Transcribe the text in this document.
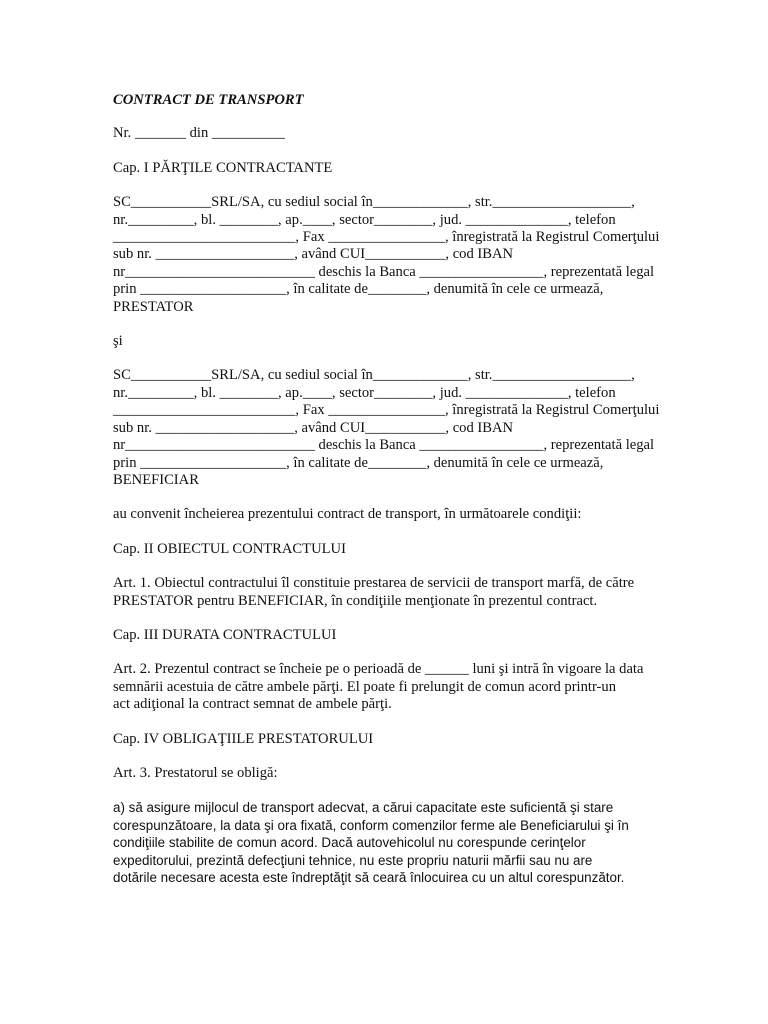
CONTRACT DE TRANSPORT

Nr. _______ din __________

Cap. I PĂRŢILE CONTRACTANTE

SC___________SRL/SA, cu sediul social în_____________, str.___________________,
nr._________, bl. ________, ap.____, sector________, jud. ______________, telefon
_________________________, Fax ________________, înregistrată la Registrul Comerţului
sub nr. ___________________, având CUI___________, cod IBAN
nr__________________________ deschis la Banca _________________, reprezentată legal
prin ____________________, în calitate de________, denumită în cele ce urmează,
PRESTATOR

şi

SC___________SRL/SA, cu sediul social în_____________, str.___________________,
nr._________, bl. ________, ap.____, sector________, jud. ______________, telefon
_________________________, Fax ________________, înregistrată la Registrul Comerţului
sub nr. ___________________, având CUI___________, cod IBAN
nr__________________________ deschis la Banca _________________, reprezentată legal
prin ____________________, în calitate de________, denumită în cele ce urmează,
BENEFICIAR

au convenit încheierea prezentului contract de transport, în următoarele condiţii:

Cap. II OBIECTUL CONTRACTULUI

Art. 1. Obiectul contractului îl constituie prestarea de servicii de transport marfă, de către
PRESTATOR pentru BENEFICIAR, în condiţiile menţionate în prezentul contract.

Cap. III DURATA CONTRACTULUI

Art. 2. Prezentul contract se încheie pe o perioadă de ______ luni şi intră în vigoare la data
semnării acestuia de către ambele părţi. El poate fi prelungit de comun acord printr-un
act adiţional la contract semnat de ambele părţi.

Cap. IV OBLIGAŢIILE PRESTATORULUI

Art. 3. Prestatorul se obligă:

a) să asigure mijlocul de transport adecvat, a cărui capacitate este suficientă şi stare
corespunzătoare, la data şi ora fixată, conform comenzilor ferme ale Beneficiarului şi în
condiţiile stabilite de comun acord. Dacă autovehicolul nu corespunde cerinţelor
expeditorului, prezintă defecţiuni tehnice, nu este propriu naturii mărfii sau nu are
dotările necesare acesta este îndreptăţit să ceară înlocuirea cu un altul corespunzător.
